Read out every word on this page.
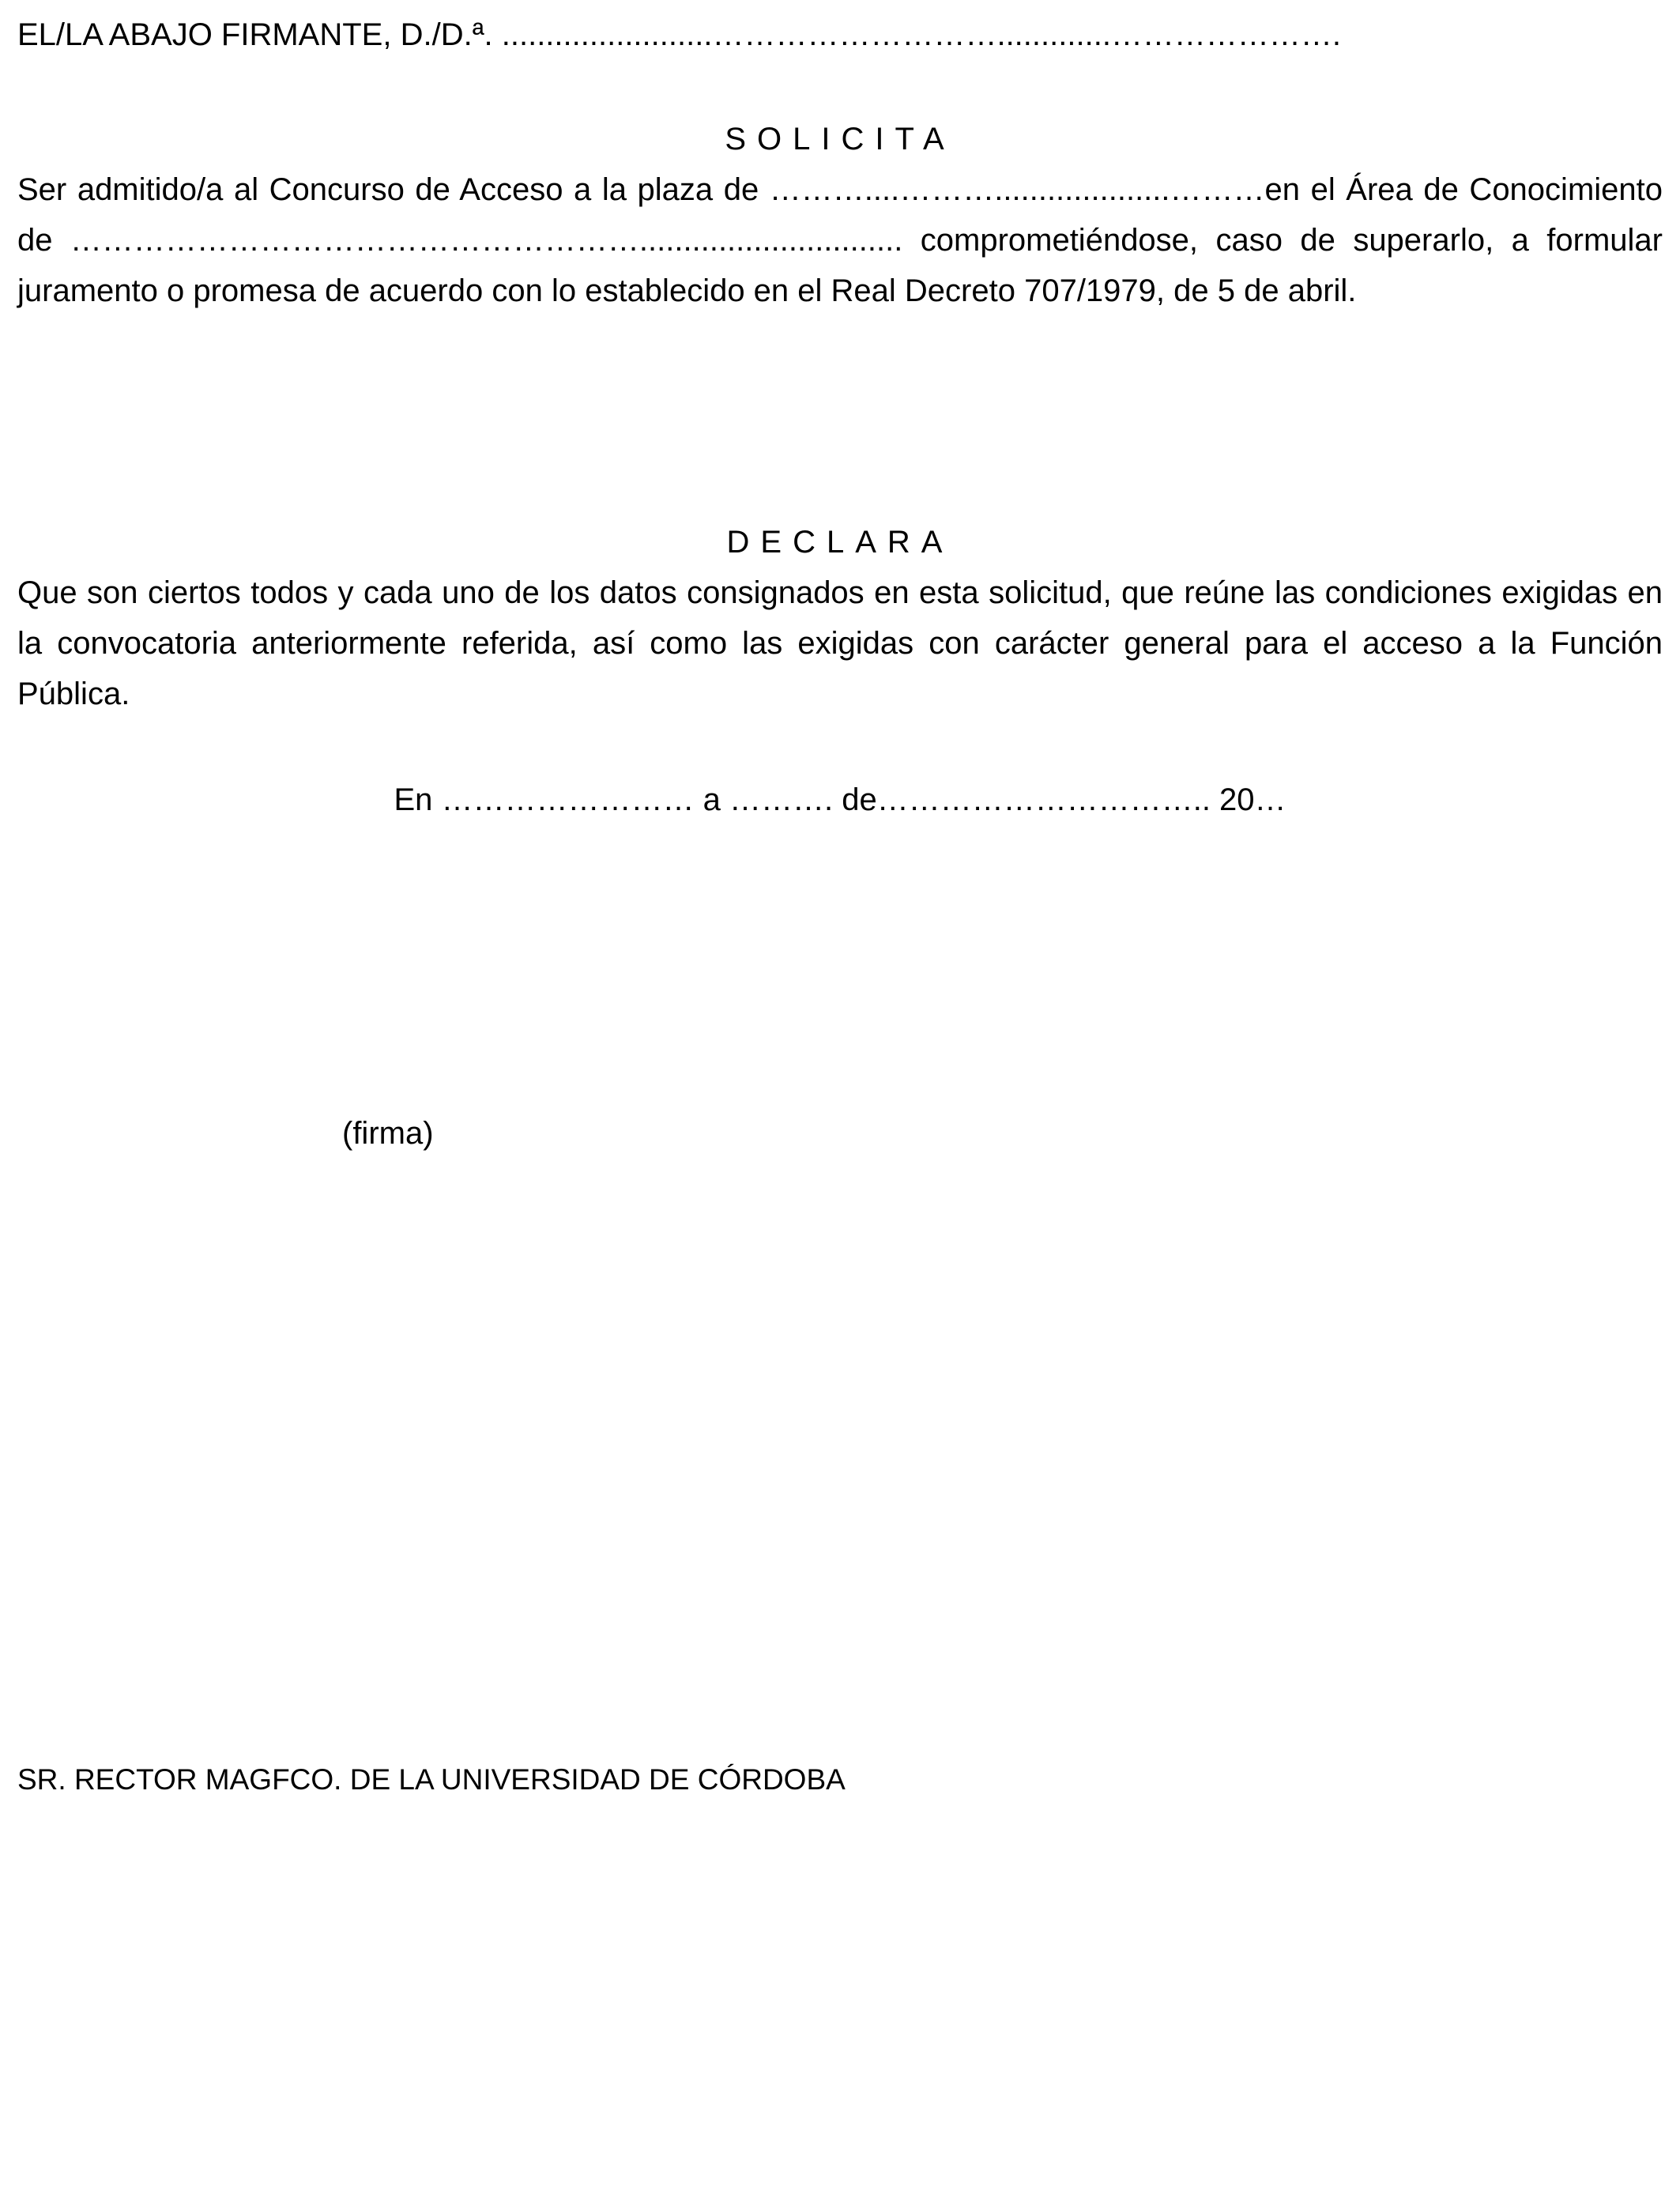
EL/LA ABAJO FIRMANTE, D./D.ª. ........................……………………….............………………….

SOLICITA

Ser admitido/a al Concurso de Acceso a la plaza de ………....………....................………en el Área de Conocimiento de ……………………………………………….............................. comprometiéndose, caso de superarlo, a formular juramento o promesa de acuerdo con lo establecido en el Real Decreto 707/1979, de 5 de abril.

DECLARA

Que son ciertos todos y cada uno de los datos consignados en esta solicitud, que reúne las condiciones exigidas en la convocatoria anteriormente referida, así como las exigidas con carácter general para el acceso a la Función Pública.

En …………………… a ………. de………………………….. 20…

(firma)

SR. RECTOR MAGFCO. DE LA UNIVERSIDAD DE CÓRDOBA
